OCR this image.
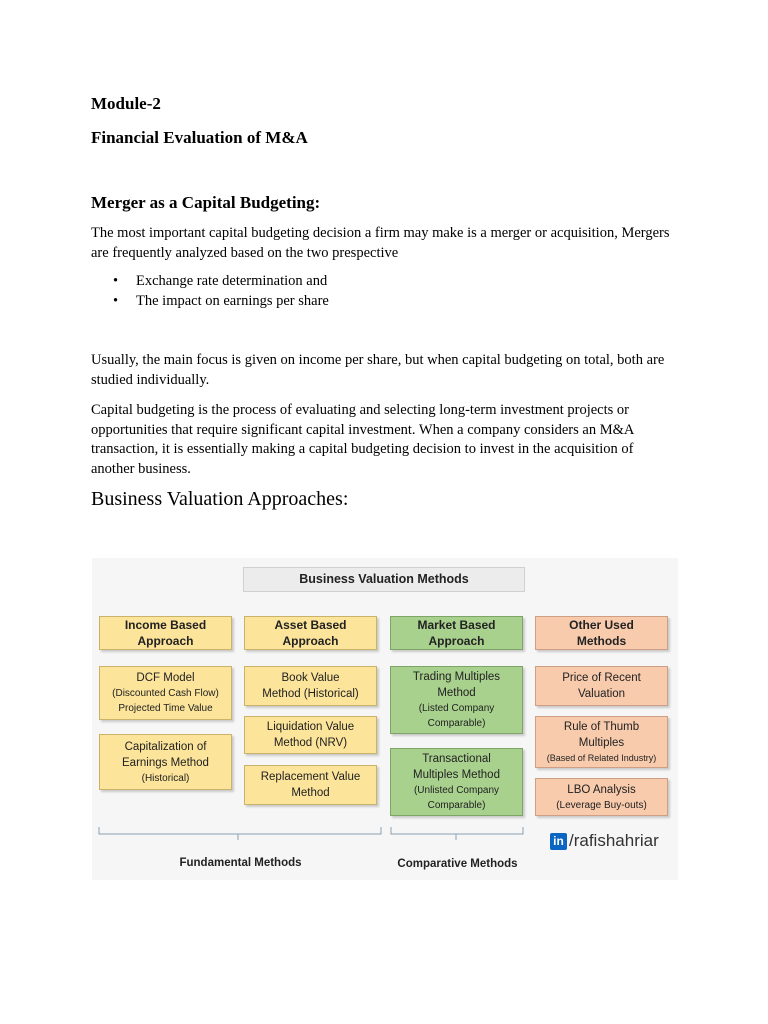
Module-2

Financial Evaluation of M&A

Merger as a Capital Budgeting:

The most important capital budgeting decision a firm may make is a merger or acquisition, Mergers are frequently analyzed based on the two prespective

• Exchange rate determination and
• The impact on earnings per share

Usually, the main focus is given on income per share, but when capital budgeting on total, both are studied individually.

Capital budgeting is the process of evaluating and selecting long-term investment projects or opportunities that require significant capital investment. When a company considers an M&A transaction, it is essentially making a capital budgeting decision to invest in the acquisition of another business.

Business Valuation Approaches:
Business Valuation Methods
Income Based
Approach
DCF Model
(Discounted Cash Flow)
Projected Time Value
Capitalization of
Earnings Method
(Historical)
Asset Based
Approach
Book Value
Method (Historical)
Liquidation Value
Method (NRV)
Replacement Value
Method
Market Based
Approach
Trading Multiples
Method
(Listed Company
Comparable)
Transactional
Multiples Method
(Unlisted Company
Comparable)
Other Used
Methods
Price of Recent
Valuation
Rule of Thumb
Multiples
(Based of Related Industry)
LBO Analysis
(Leverage Buy-outs)
Fundamental Methods	Comparative Methods
in /rafishahriar
